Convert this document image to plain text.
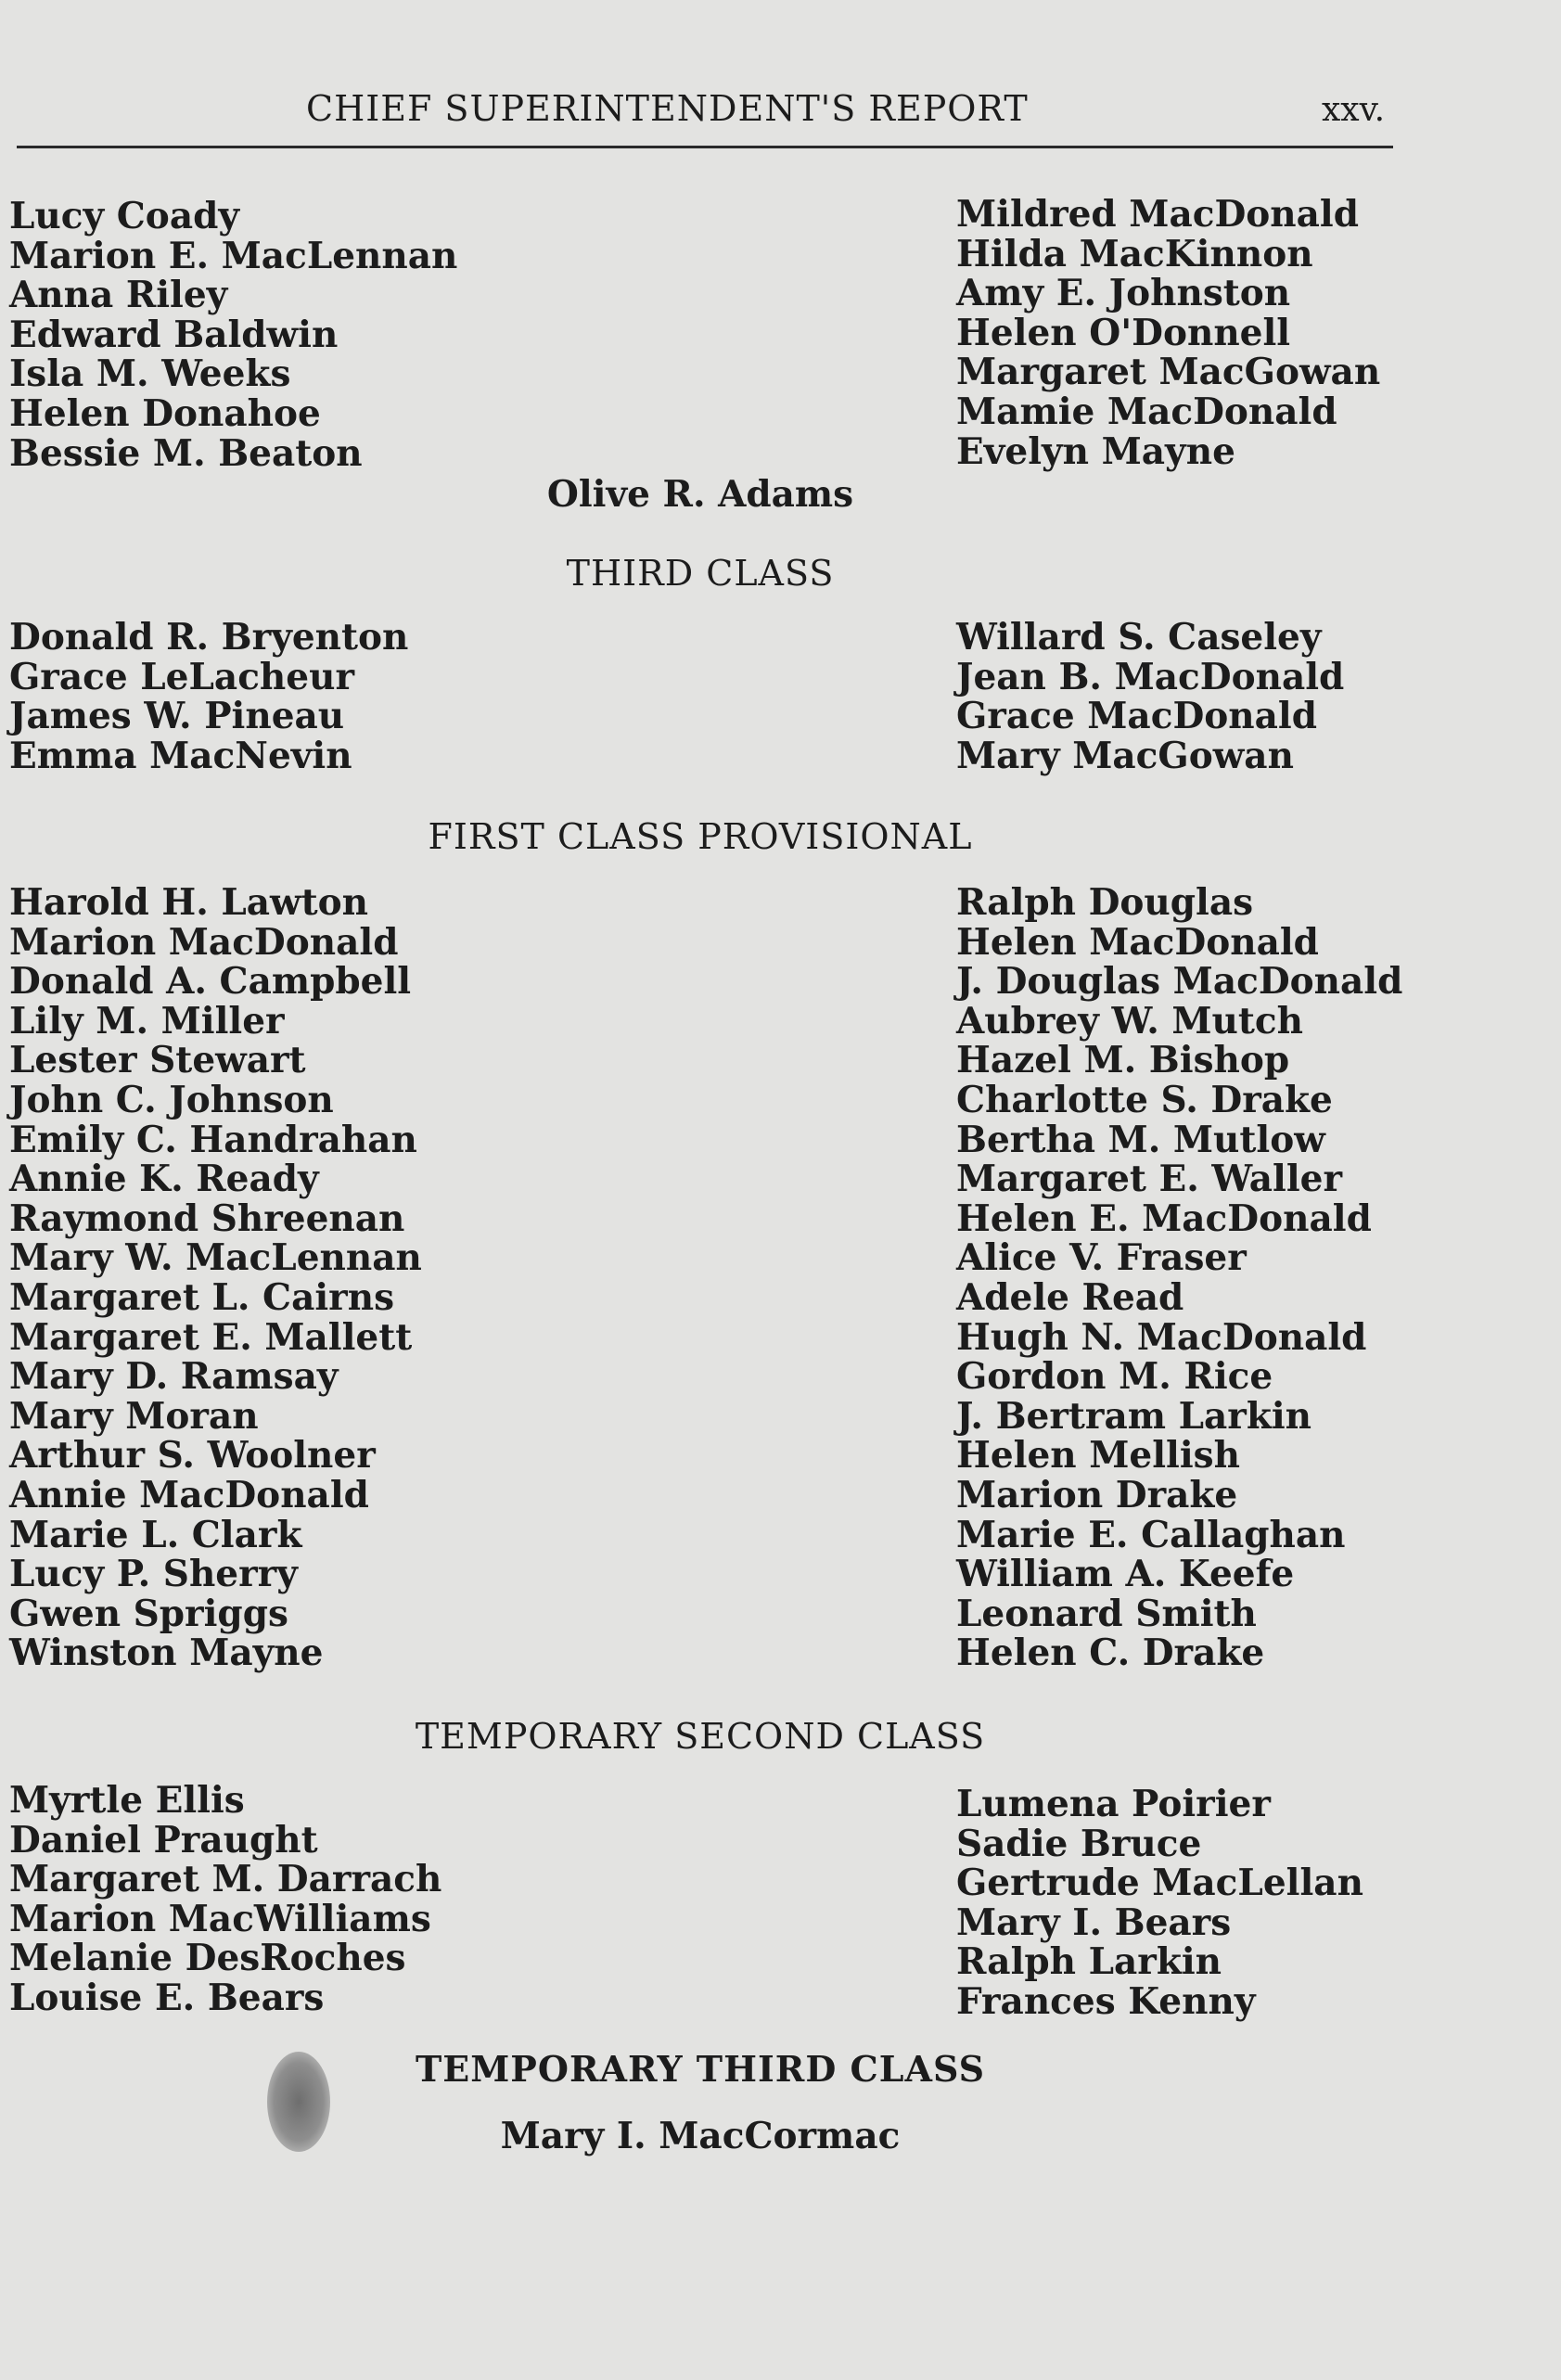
CHIEF SUPERINTENDENT'S REPORT	xxv.
Lucy Coady
Marion E. MacLennan
Anna Riley
Edward Baldwin
Isla M. Weeks
Helen Donahoe
Bessie M. Beaton
Mildred MacDonald
Hilda MacKinnon
Amy E. Johnston
Helen O'Donnell
Margaret MacGowan
Mamie MacDonald
Evelyn Mayne
Olive R. Adams
THIRD CLASS
Donald R. Bryenton
Grace LeLacheur
James W. Pineau
Emma MacNevin
Willard S. Caseley
Jean B. MacDonald
Grace MacDonald
Mary MacGowan
FIRST CLASS PROVISIONAL
Harold H. Lawton
Marion MacDonald
Donald A. Campbell
Lily M. Miller
Lester Stewart
John C. Johnson
Emily C. Handrahan
Annie K. Ready
Raymond Shreenan
Mary W. MacLennan
Margaret L. Cairns
Margaret E. Mallett
Mary D. Ramsay
Mary Moran
Arthur S. Woolner
Annie MacDonald
Marie L. Clark
Lucy P. Sherry
Gwen Spriggs
Winston Mayne
Ralph Douglas
Helen MacDonald
J. Douglas MacDonald
Aubrey W. Mutch
Hazel M. Bishop
Charlotte S. Drake
Bertha M. Mutlow
Margaret E. Waller
Helen E. MacDonald
Alice V. Fraser
Adele Read
Hugh N. MacDonald
Gordon M. Rice
J. Bertram Larkin
Helen Mellish
Marion Drake
Marie E. Callaghan
William A. Keefe
Leonard Smith
Helen C. Drake
TEMPORARY SECOND CLASS
Myrtle Ellis
Daniel Praught
Margaret M. Darrach
Marion MacWilliams
Melanie DesRoches
Louise E. Bears
Lumena Poirier
Sadie Bruce
Gertrude MacLellan
Mary I. Bears
Ralph Larkin
Frances Kenny
TEMPORARY THIRD CLASS
Mary I. MacCormac
